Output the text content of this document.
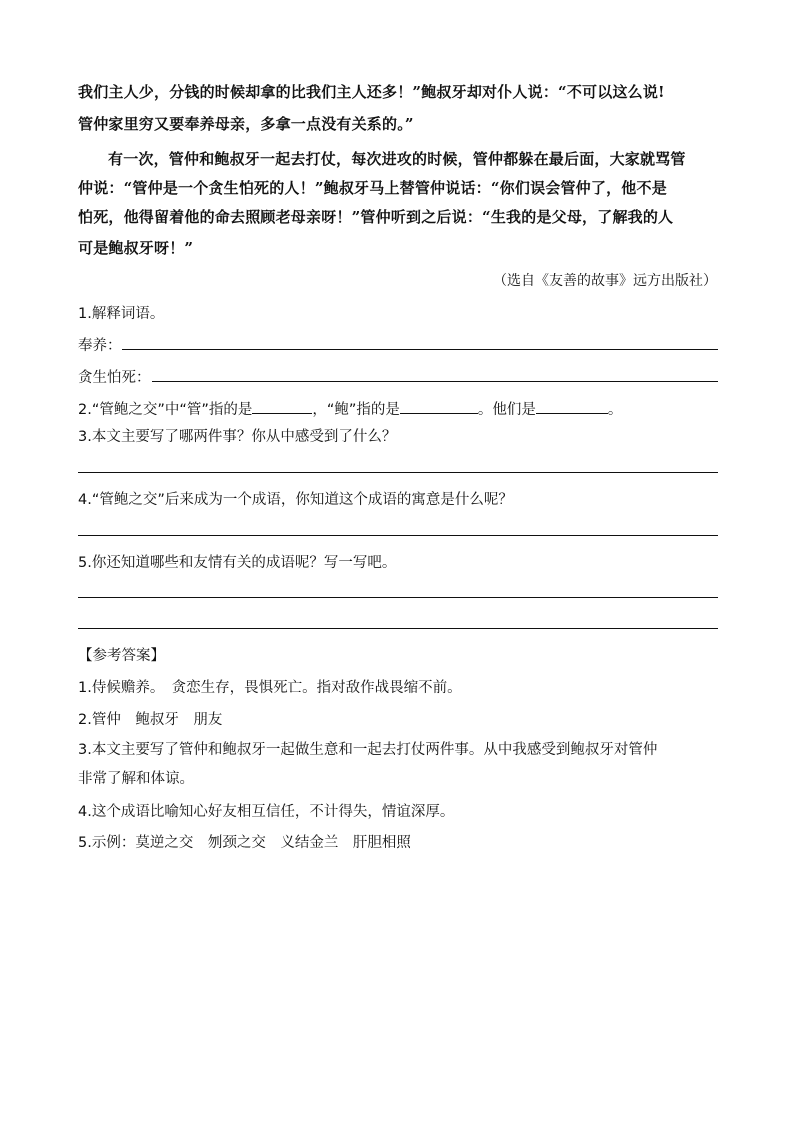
我们主人少，分钱的时候却拿的比我们主人还多！”鲍叔牙却对仆人说：“不可以这么说!
管仲家里穷又要奉养母亲，多拿一点没有关系的。”
有一次，管仲和鲍叔牙一起去打仗，每次进攻的时候，管仲都躲在最后面，大家就骂管
仲说：“管仲是一个贪生怕死的人！”鲍叔牙马上替管仲说话：“你们误会管仲了，他不是
怕死，他得留着他的命去照顾老母亲呀！”管仲听到之后说：“生我的是父母，了解我的人
可是鲍叔牙呀！”
（选自《友善的故事》远方出版社）
1.解释词语。
奉养：
贪生怕死：
2.“管鲍之交”中“管”指的是	，“鲍”指的是	。他们是	。
3.本文主要写了哪两件事？你从中感受到了什么？
4.“管鲍之交”后来成为一个成语，你知道这个成语的寓意是什么呢？
5.你还知道哪些和友情有关的成语呢？写一写吧。
【参考答案】
1.侍候赡养。　贪恋生存，畏惧死亡。指对敌作战畏缩不前。
2.管仲　鲍叔牙　朋友
3.本文主要写了管仲和鲍叔牙一起做生意和一起去打仗两件事。从中我感受到鲍叔牙对管仲
非常了解和体谅。
4.这个成语比喻知心好友相互信任，不计得失，情谊深厚。
5.示例：莫逆之交　刎颈之交　义结金兰　肝胆相照
